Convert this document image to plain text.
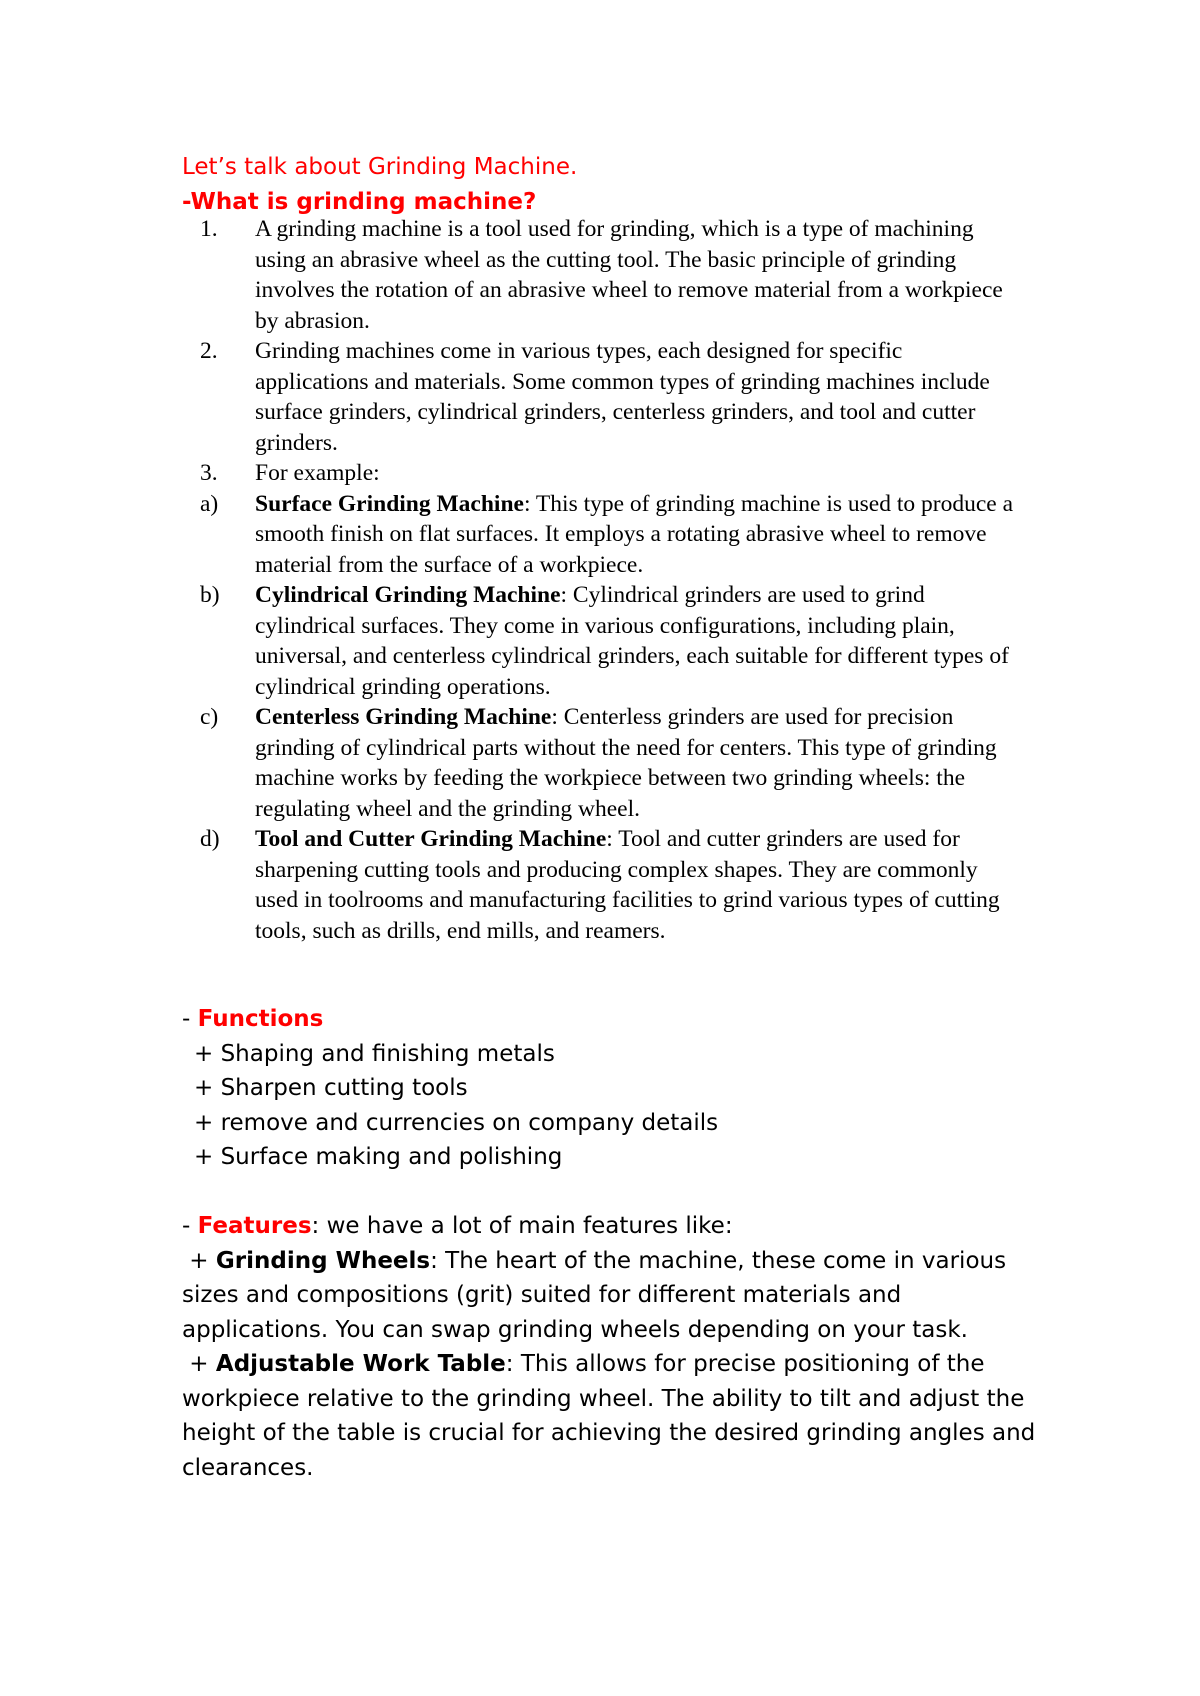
Let’s talk about Grinding Machine.
-What is grinding machine?
1. A grinding machine is a tool used for grinding, which is a type of machining using an abrasive wheel as the cutting tool. The basic principle of grinding involves the rotation of an abrasive wheel to remove material from a workpiece by abrasion.
2. Grinding machines come in various types, each designed for specific applications and materials. Some common types of grinding machines include surface grinders, cylindrical grinders, centerless grinders, and tool and cutter grinders.
3. For example:
a) Surface Grinding Machine: This type of grinding machine is used to produce a smooth finish on flat surfaces. It employs a rotating abrasive wheel to remove material from the surface of a workpiece.
b) Cylindrical Grinding Machine: Cylindrical grinders are used to grind cylindrical surfaces. They come in various configurations, including plain, universal, and centerless cylindrical grinders, each suitable for different types of cylindrical grinding operations.
c) Centerless Grinding Machine: Centerless grinders are used for precision grinding of cylindrical parts without the need for centers. This type of grinding machine works by feeding the workpiece between two grinding wheels: the regulating wheel and the grinding wheel.
d) Tool and Cutter Grinding Machine: Tool and cutter grinders are used for sharpening cutting tools and producing complex shapes. They are commonly used in toolrooms and manufacturing facilities to grind various types of cutting tools, such as drills, end mills, and reamers.
- Functions
+ Shaping and finishing metals
+ Sharpen cutting tools
+ remove and currencies on company details
+ Surface making and polishing
- Features: we have a lot of main features like:
+ Grinding Wheels: The heart of the machine, these come in various sizes and compositions (grit) suited for different materials and applications. You can swap grinding wheels depending on your task.
+ Adjustable Work Table: This allows for precise positioning of the workpiece relative to the grinding wheel. The ability to tilt and adjust the height of the table is crucial for achieving the desired grinding angles and clearances.
